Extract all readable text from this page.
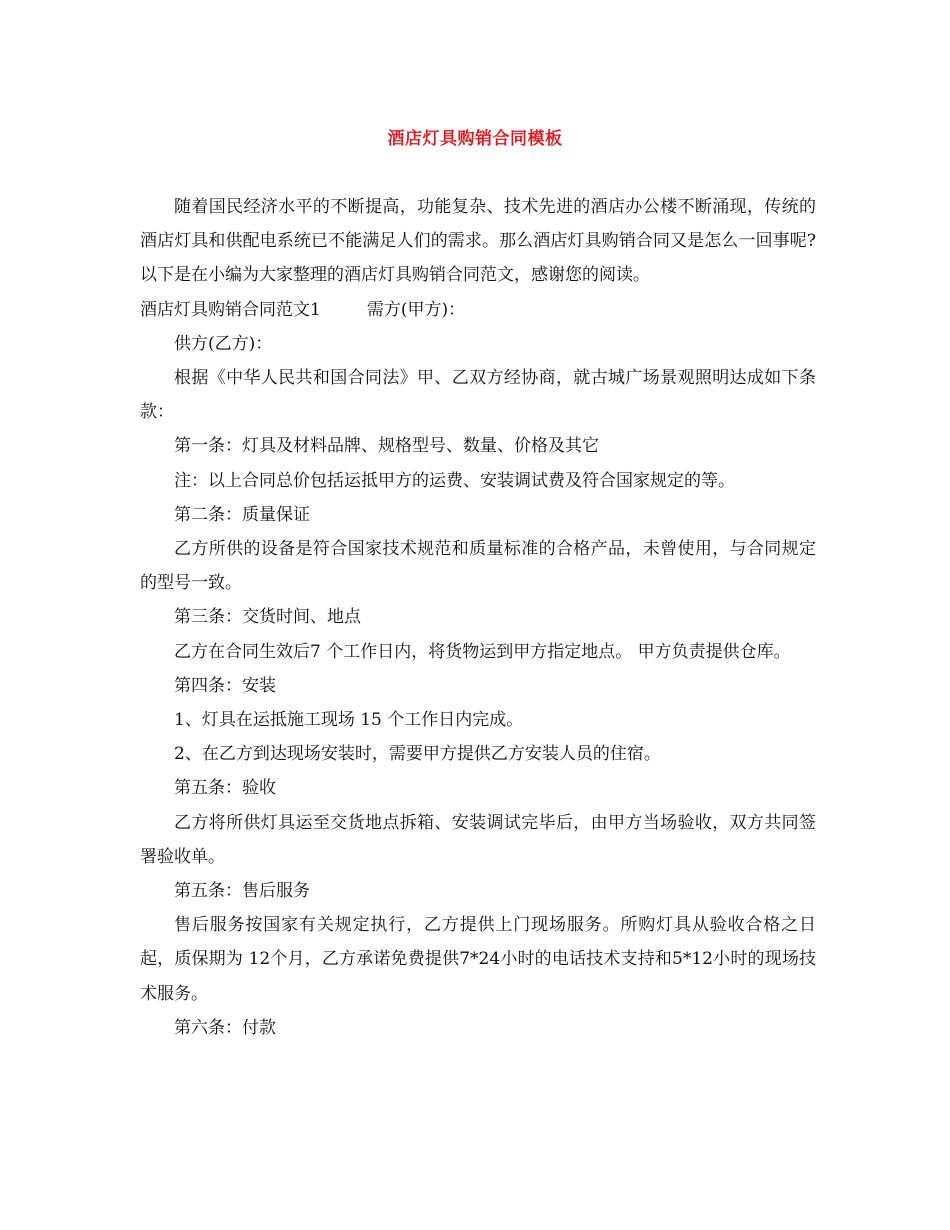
酒店灯具购销合同模板

随着国民经济水平的不断提高，功能复杂、技术先进的酒店办公楼不断涌现，传统的酒店灯具和供配电系统已不能满足人们的需求。那么酒店灯具购销合同又是怎么一回事呢?以下是在小编为大家整理的酒店灯具购销合同范文，感谢您的阅读。

酒店灯具购销合同范文1	需方(甲方)：

供方(乙方)：

根据《中华人民共和国合同法》甲、乙双方经协商，就古城广场景观照明达成如下条款：

第一条：灯具及材料品牌、规格型号、数量、价格及其它

注：以上合同总价包括运抵甲方的运费、安装调试费及符合国家规定的等。

第二条：质量保证

乙方所供的设备是符合国家技术规范和质量标准的合格产品，未曾使用，与合同规定的型号一致。

第三条：交货时间、地点

乙方在合同生效后7 个工作日内，将货物运到甲方指定地点。 甲方负责提供仓库。

第四条：安装

1、灯具在运抵施工现场 15 个工作日内完成。

2、在乙方到达现场安装时，需要甲方提供乙方安装人员的住宿。

第五条：验收

乙方将所供灯具运至交货地点拆箱、安装调试完毕后，由甲方当场验收，双方共同签署验收单。

第五条：售后服务

售后服务按国家有关规定执行，乙方提供上门现场服务。所购灯具从验收合格之日起，质保期为 12个月，乙方承诺免费提供7*24小时的电话技术支持和5*12小时的现场技术服务。

第六条：付款
